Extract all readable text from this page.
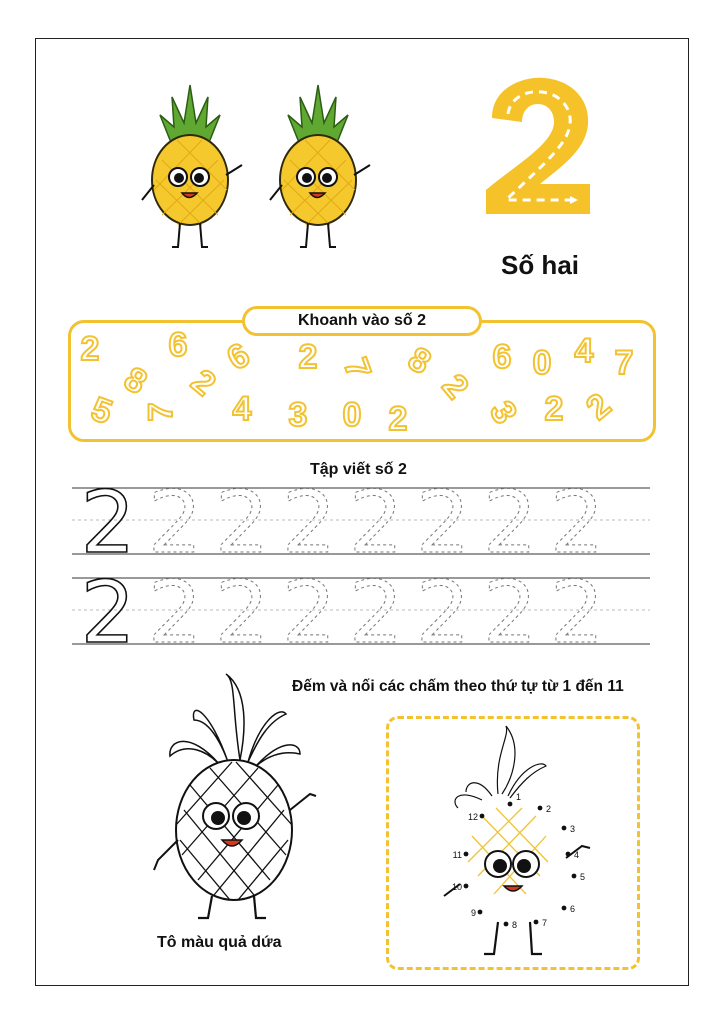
Số hai
Khoanh vào số 2
2 6
8
2
6
2	7 8 6 0 4 7
5 7 4 3 0 2
2
3 2 2
Tập viết số 2
2 2 2 2 2 2 2 2
2 2 2 2 2 2 2 2
Đếm và nối các chấm theo thứ tự từ 1 đến 11
Tô màu quả dứa
1
2
3
4
5
6
7
8
9
10
11
12
